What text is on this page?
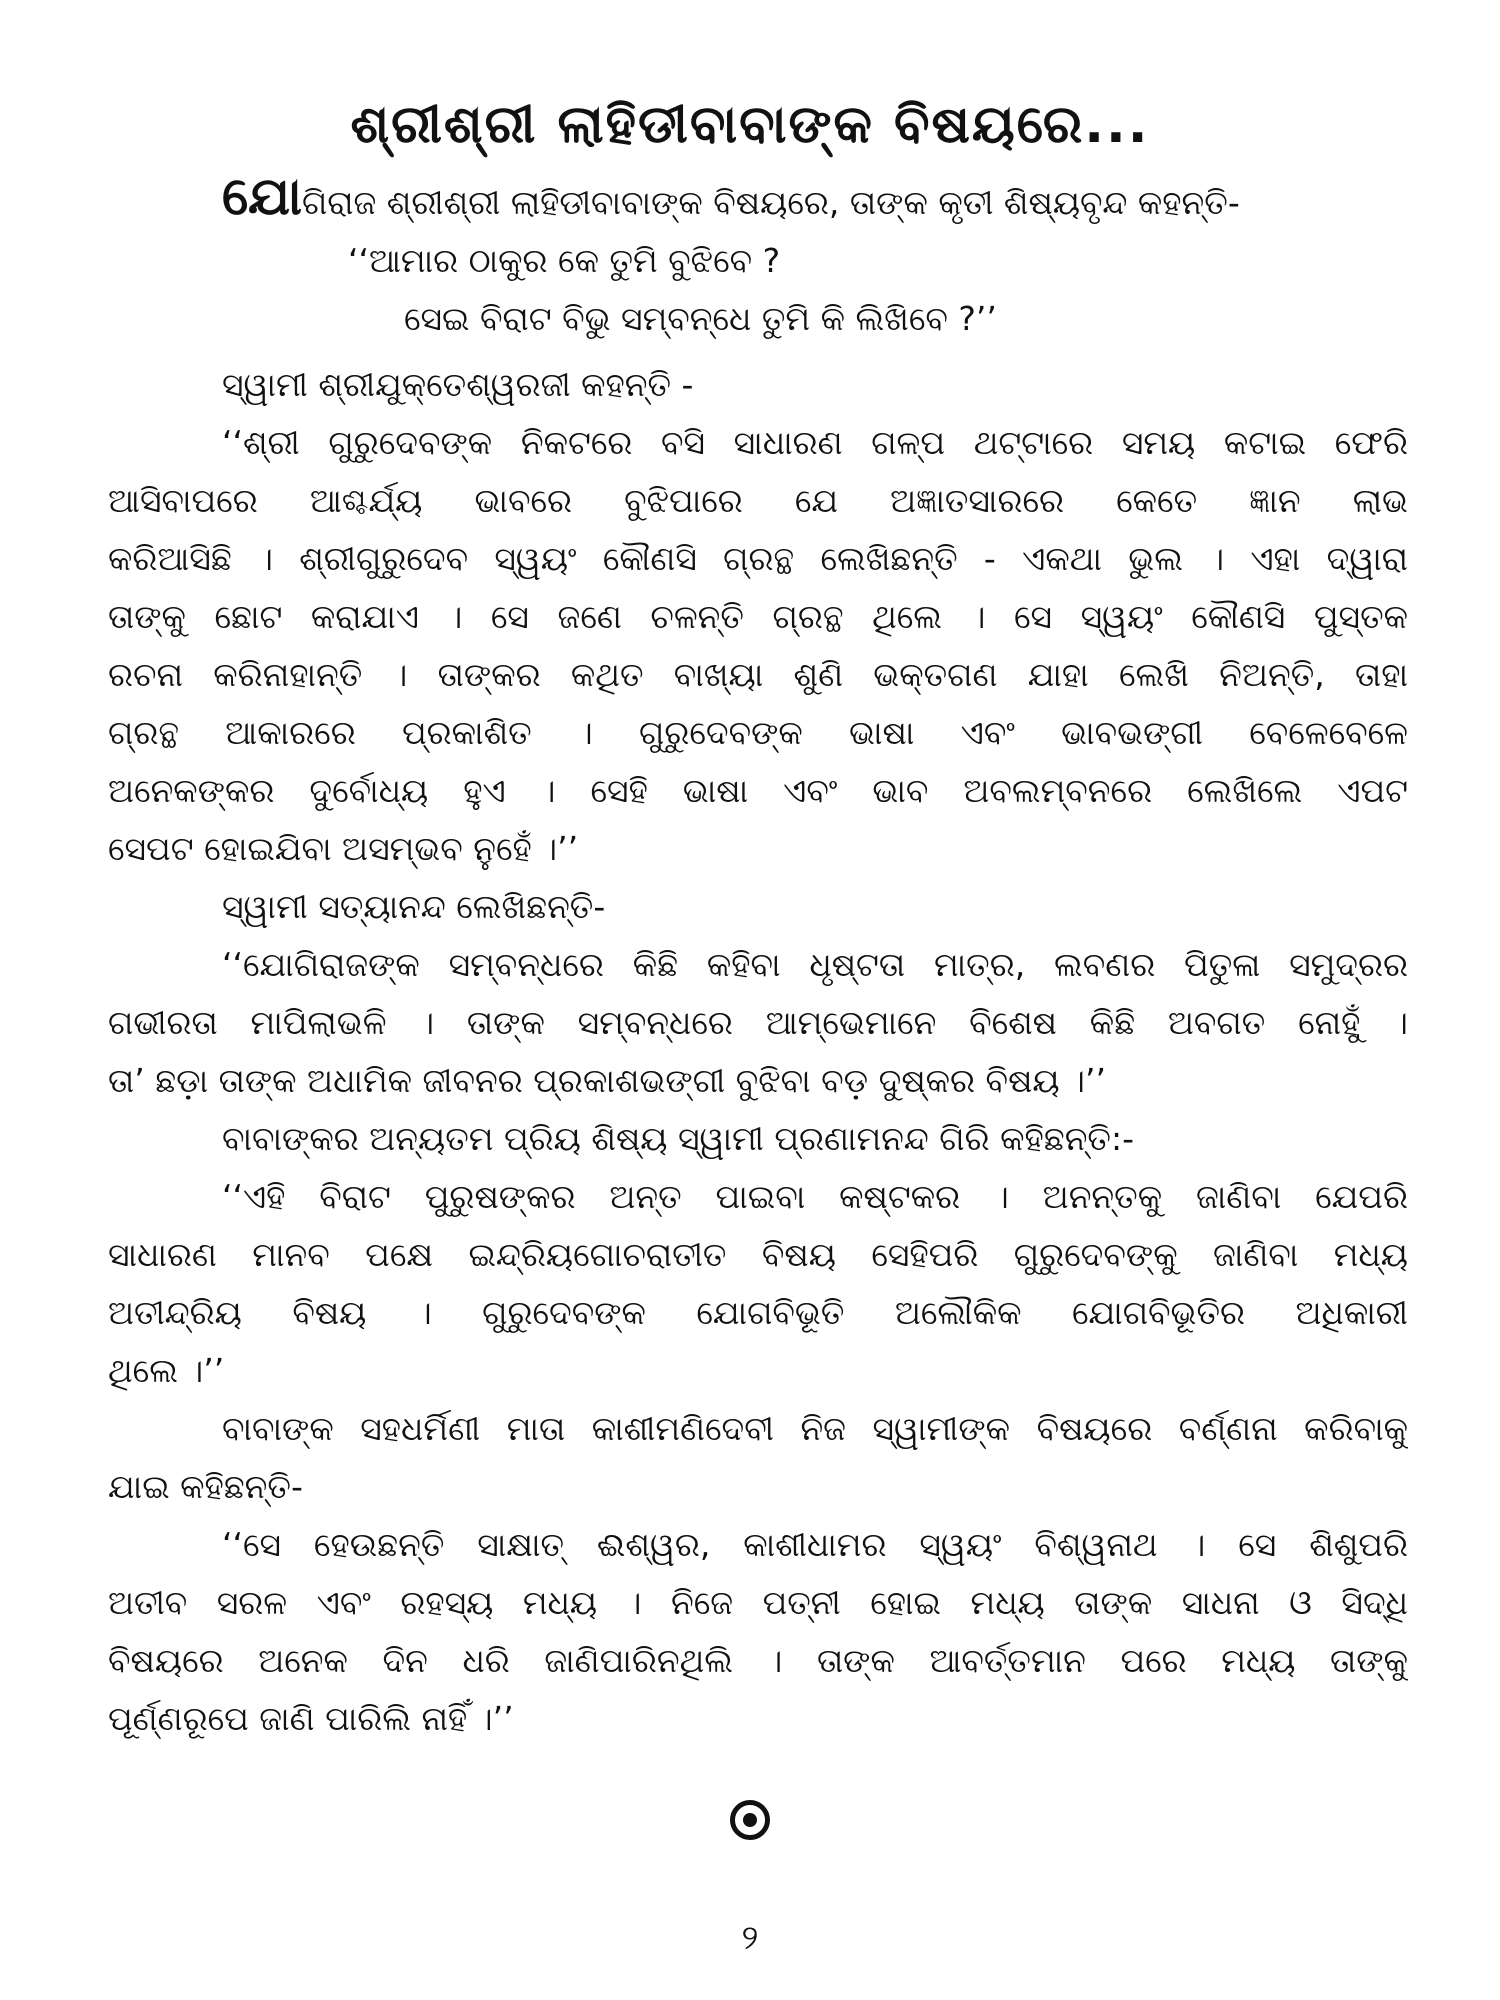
ଶ୍ରୀଶ୍ରୀ ଲାହିଡୀବାବାଙ୍କ ବିଷୟରେ...
ଯୋଗିରାଜ ଶ୍ରୀଶ୍ରୀ ଲାହିଡୀବାବାଙ୍କ ବିଷୟରେ, ତାଙ୍କ କୃତୀ ଶିଷ୍ୟବୃନ୍ଦ କହନ୍ତି-
‘‘ଆମାର ଠାକୁର କେ ତୁମି ବୁଝିବେ ?
ସେଇ ବିରାଟ ବିଭୁ ସମ୍ବନ୍ଧେ ତୁମି କି ଲିଖିବେ ?’’
ସ୍ୱାମୀ ଶ୍ରୀଯୁକ୍ତେଶ୍ୱରଜୀ କହନ୍ତି -
‘‘ଶ୍ରୀ ଗୁରୁଦେବଙ୍କ ନିକଟରେ ବସି ସାଧାରଣ ଗଳ୍ପ ଥଟ୍ଟାରେ ସମୟ କଟାଇ ଫେରି
ଆସିବାପରେ ଆଶ୍ଚର୍ଯ୍ୟ ଭାବରେ ବୁଝିପାରେ ଯେ ଅଜ୍ଞାତସାରରେ କେତେ ଜ୍ଞାନ ଲାଭ
କରିଆସିଛି । ଶ୍ରୀଗୁରୁଦେବ ସ୍ୱୟଂ କୌଣସି ଗ୍ରନ୍ଥ ଲେଖିଛନ୍ତି - ଏକଥା ଭୁଲ । ଏହା ଦ୍ୱାରା
ତାଙ୍କୁ ଛୋଟ କରାଯାଏ । ସେ ଜଣେ ଚଳନ୍ତି ଗ୍ରନ୍ଥ ଥିଲେ । ସେ ସ୍ୱୟଂ କୌଣସି ପୁସ୍ତକ
ରଚନା କରିନାହାନ୍ତି । ତାଙ୍କର କଥିତ ବାଖ୍ୟା ଶୁଣି ଭକ୍ତଗଣ ଯାହା ଲେଖି ନିଅନ୍ତି, ତାହା
ଗ୍ରନ୍ଥ ଆକାରରେ ପ୍ରକାଶିତ । ଗୁରୁଦେବଙ୍କ ଭାଷା ଏବଂ ଭାବଭଙ୍ଗୀ ବେଳେବେଳେ
ଅନେକଙ୍କର ଦୁର୍ବୋଧ୍ୟ ହୁଏ । ସେହି ଭାଷା ଏବଂ ଭାବ ଅବଲମ୍ବନରେ ଲେଖିଲେ ଏପଟ
ସେପଟ ହୋଇଯିବା ଅସମ୍ଭବ ନୁହେଁ ।’’
ସ୍ୱାମୀ ସତ୍ୟାନନ୍ଦ ଲେଖିଛନ୍ତି-
‘‘ଯୋଗିରାଜଙ୍କ ସମ୍ବନ୍ଧରେ କିଛି କହିବା ଧୃଷ୍ଟତା ମାତ୍ର, ଲବଣର ପିତୁଳା ସମୁଦ୍ରର
ଗଭୀରତା ମାପିଲାଭଳି । ତାଙ୍କ ସମ୍ବନ୍ଧରେ ଆମ୍ଭେମାନେ ବିଶେଷ କିଛି ଅବଗତ ନୋହୁଁ ।
ତା’ ଛଡ଼ା ତାଙ୍କ ଅଧାମିକ ଜୀବନର ପ୍ରକାଶଭଙ୍ଗୀ ବୁଝିବା ବଡ଼ ଦୁଷ୍କର ବିଷୟ ।’’
ବାବାଙ୍କର ଅନ୍ୟତମ ପ୍ରିୟ ଶିଷ୍ୟ ସ୍ୱାମୀ ପ୍ରଣାମନନ୍ଦ ଗିରି କହିଛନ୍ତି:-
‘‘ଏହି ବିରାଟ ପୁରୁଷଙ୍କର ଅନ୍ତ ପାଇବା କଷ୍ଟକର । ଅନନ୍ତକୁ ଜାଣିବା ଯେପରି
ସାଧାରଣ ମାନବ ପକ୍ଷେ ଇନ୍ଦ୍ରିୟଗୋଚରାତୀତ ବିଷୟ ସେହିପରି ଗୁରୁଦେବଙ୍କୁ ଜାଣିବା ମଧ୍ୟ
ଅତୀନ୍ଦ୍ରିୟ ବିଷୟ । ଗୁରୁଦେବଙ୍କ ଯୋଗବିଭୂତି ଅଲୌକିକ ଯୋଗବିଭୂତିର ଅଧିକାରୀ
ଥିଲେ ।’’
ବାବାଙ୍କ ସହଧର୍ମିଣୀ ମାତା କାଶୀମଣିଦେବୀ ନିଜ ସ୍ୱାମୀଙ୍କ ବିଷୟରେ ବର୍ଣ୍ଣନା କରିବାକୁ
ଯାଇ କହିଛନ୍ତି-
‘‘ସେ ହେଉଛନ୍ତି ସାକ୍ଷାତ୍ ଈଶ୍ୱର, କାଶୀଧାମର ସ୍ୱୟଂ ବିଶ୍ୱନାଥ । ସେ ଶିଶୁପରି
ଅତୀବ ସରଳ ଏବଂ ରହସ୍ୟ ମଧ୍ୟ । ନିଜେ ପତ୍ନୀ ହୋଇ ମଧ୍ୟ ତାଙ୍କ ସାଧନା ଓ ସିଦ୍ଧି
ବିଷୟରେ ଅନେକ ଦିନ ଧରି ଜାଣିପାରିନଥିଲି । ତାଙ୍କ ଆବର୍ତ୍ତମାନ ପରେ ମଧ୍ୟ ତାଙ୍କୁ
ପୂର୍ଣ୍ଣରୂପେ ଜାଣି ପାରିଲି ନାହିଁ ।’’
୨
